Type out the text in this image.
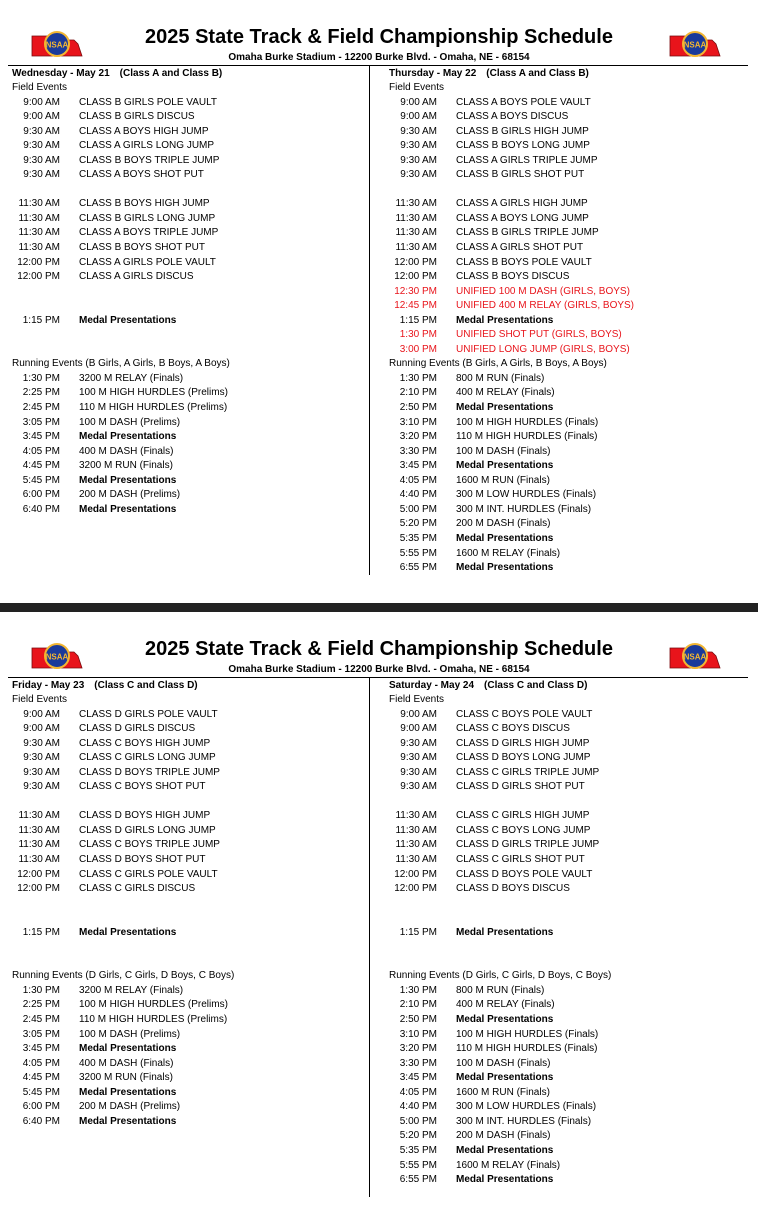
NSAA	2025 State Track & Field Championship Schedule	NSAA
Omaha Burke Stadium - 12200 Burke Blvd. - Omaha, NE - 68154
Wednesday - May 21 (Class A and Class B)
Field Events
9:00 AM CLASS B GIRLS POLE VAULT
9:00 AM CLASS B GIRLS DISCUS
9:30 AM CLASS A BOYS HIGH JUMP
9:30 AM CLASS A GIRLS LONG JUMP
9:30 AM CLASS B BOYS TRIPLE JUMP
9:30 AM CLASS A BOYS SHOT PUT
11:30 AM CLASS B BOYS HIGH JUMP
11:30 AM CLASS B GIRLS LONG JUMP
11:30 AM CLASS A BOYS TRIPLE JUMP
11:30 AM CLASS B BOYS SHOT PUT
12:00 PM CLASS A GIRLS POLE VAULT
12:00 PM CLASS A GIRLS DISCUS
1:15 PM Medal Presentations
Running Events (B Girls, A Girls, B Boys, A Boys)
1:30 PM 3200 M RELAY (Finals)
2:25 PM 100 M HIGH HURDLES (Prelims)
2:45 PM 110 M HIGH HURDLES (Prelims)
3:05 PM 100 M DASH (Prelims)
3:45 PM Medal Presentations
4:05 PM 400 M DASH (Finals)
4:45 PM 3200 M RUN (Finals)
5:45 PM Medal Presentations
6:00 PM 200 M DASH (Prelims)
6:40 PM Medal Presentations
Thursday - May 22 (Class A and Class B)
Field Events
9:00 AM CLASS A BOYS POLE VAULT
9:00 AM CLASS A BOYS DISCUS
9:30 AM CLASS B GIRLS HIGH JUMP
9:30 AM CLASS B BOYS LONG JUMP
9:30 AM CLASS A GIRLS TRIPLE JUMP
9:30 AM CLASS B GIRLS SHOT PUT
11:30 AM CLASS A GIRLS HIGH JUMP
11:30 AM CLASS A BOYS LONG JUMP
11:30 AM CLASS B GIRLS TRIPLE JUMP
11:30 AM CLASS A GIRLS SHOT PUT
12:00 PM CLASS B BOYS POLE VAULT
12:00 PM CLASS B BOYS DISCUS
12:30 PM UNIFIED 100 M DASH (GIRLS, BOYS)
12:45 PM UNIFIED 400 M RELAY (GIRLS, BOYS)
1:15 PM Medal Presentations
1:30 PM UNIFIED SHOT PUT (GIRLS, BOYS)
3:00 PM UNIFIED LONG JUMP (GIRLS, BOYS)
Running Events (B Girls, A Girls, B Boys, A Boys)
1:30 PM 800 M RUN (Finals)
2:10 PM 400 M RELAY (Finals)
2:50 PM Medal Presentations
3:10 PM 100 M HIGH HURDLES (Finals)
3:20 PM 110 M HIGH HURDLES (Finals)
3:30 PM 100 M DASH (Finals)
3:45 PM Medal Presentations
4:05 PM 1600 M RUN (Finals)
4:40 PM 300 M LOW HURDLES (Finals)
5:00 PM 300 M INT. HURDLES (Finals)
5:20 PM 200 M DASH (Finals)
5:35 PM Medal Presentations
5:55 PM 1600 M RELAY (Finals)
6:55 PM Medal Presentations
NSAA	2025 State Track & Field Championship Schedule	NSAA
Omaha Burke Stadium - 12200 Burke Blvd. - Omaha, NE - 68154
Friday - May 23 (Class C and Class D)
Field Events
9:00 AM CLASS D GIRLS POLE VAULT
9:00 AM CLASS D GIRLS DISCUS
9:30 AM CLASS C BOYS HIGH JUMP
9:30 AM CLASS C GIRLS LONG JUMP
9:30 AM CLASS D BOYS TRIPLE JUMP
9:30 AM CLASS C BOYS SHOT PUT
11:30 AM CLASS D BOYS HIGH JUMP
11:30 AM CLASS D GIRLS LONG JUMP
11:30 AM CLASS C BOYS TRIPLE JUMP
11:30 AM CLASS D BOYS SHOT PUT
12:00 PM CLASS C GIRLS POLE VAULT
12:00 PM CLASS C GIRLS DISCUS
1:15 PM Medal Presentations
Running Events (D Girls, C Girls, D Boys, C Boys)
1:30 PM 3200 M RELAY (Finals)
2:25 PM 100 M HIGH HURDLES (Prelims)
2:45 PM 110 M HIGH HURDLES (Prelims)
3:05 PM 100 M DASH (Prelims)
3:45 PM Medal Presentations
4:05 PM 400 M DASH (Finals)
4:45 PM 3200 M RUN (Finals)
5:45 PM Medal Presentations
6:00 PM 200 M DASH (Prelims)
6:40 PM Medal Presentations
Saturday - May 24 (Class C and Class D)
Field Events
9:00 AM CLASS C BOYS POLE VAULT
9:00 AM CLASS C BOYS DISCUS
9:30 AM CLASS D GIRLS HIGH JUMP
9:30 AM CLASS D BOYS LONG JUMP
9:30 AM CLASS C GIRLS TRIPLE JUMP
9:30 AM CLASS D GIRLS SHOT PUT
11:30 AM CLASS C GIRLS HIGH JUMP
11:30 AM CLASS C BOYS LONG JUMP
11:30 AM CLASS D GIRLS TRIPLE JUMP
11:30 AM CLASS C GIRLS SHOT PUT
12:00 PM CLASS D BOYS POLE VAULT
12:00 PM CLASS D BOYS DISCUS
1:15 PM Medal Presentations
Running Events (D Girls, C Girls, D Boys, C Boys)
1:30 PM 800 M RUN (Finals)
2:10 PM 400 M RELAY (Finals)
2:50 PM Medal Presentations
3:10 PM 100 M HIGH HURDLES (Finals)
3:20 PM 110 M HIGH HURDLES (Finals)
3:30 PM 100 M DASH (Finals)
3:45 PM Medal Presentations
4:05 PM 1600 M RUN (Finals)
4:40 PM 300 M LOW HURDLES (Finals)
5:00 PM 300 M INT. HURDLES (Finals)
5:20 PM 200 M DASH (Finals)
5:35 PM Medal Presentations
5:55 PM 1600 M RELAY (Finals)
6:55 PM Medal Presentations
